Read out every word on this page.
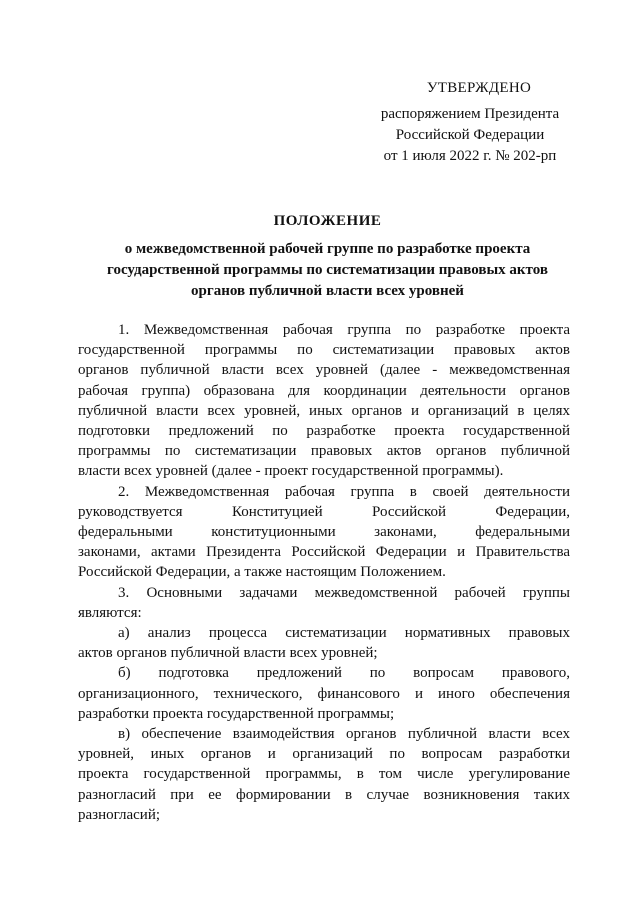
УТВЕРЖДЕНО
распоряжением Президента
Российской Федерации
от 1 июля 2022 г. № 202-рп
ПОЛОЖЕНИЕ
о межведомственной рабочей группе по разработке проекта
государственной программы по систематизации правовых актов
органов публичной власти всех уровней

1. Межведомственная рабочая группа по разработке проекта
государственной программы по систематизации правовых актов
органов публичной власти всех уровней (далее - межведомственная
рабочая группа) образована для координации деятельности органов
публичной власти всех уровней, иных органов и организаций в целях
подготовки предложений по разработке проекта государственной
программы по систематизации правовых актов органов публичной
власти всех уровней (далее - проект государственной программы).

2. Межведомственная рабочая группа в своей деятельности
руководствуется Конституцией Российской Федерации,
федеральными конституционными законами, федеральными
законами, актами Президента Российской Федерации и Правительства
Российской Федерации, а также настоящим Положением.

3. Основными задачами межведомственной рабочей группы
являются:

а) анализ процесса систематизации нормативных правовых
актов органов публичной власти всех уровней;

б) подготовка предложений по вопросам правового,
организационного, технического, финансового и иного обеспечения
разработки проекта государственной программы;

в) обеспечение взаимодействия органов публичной власти всех
уровней, иных органов и организаций по вопросам разработки
проекта государственной программы, в том числе урегулирование
разногласий при ее формировании в случае возникновения таких
разногласий;
